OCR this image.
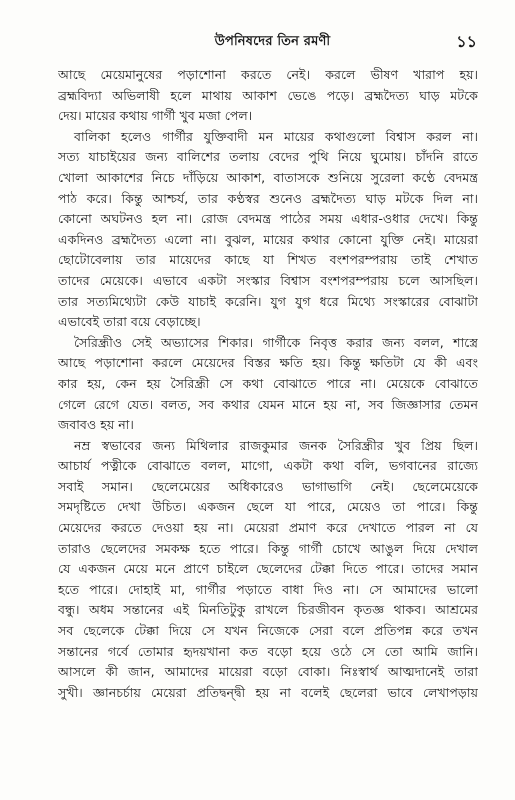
উপনিষদের তিন রমণী	১১
আছে মেয়েমানুষের পড়াশোনা করতে নেই। করলে ভীষণ খারাপ হয়।
ব্রহ্মবিদ্যা অভিলাষী হলে মাথায় আকাশ ভেঙে পড়ে। ব্রহ্মদৈত্য ঘাড় মটকে
দেয়। মায়ের কথায় গার্গী খুব মজা পেল।
বালিকা হলেও গার্গীর যুক্তিবাদী মন মায়ের কথাগুলো বিশ্বাস করল না।
সত্য যাচাইয়ের জন্য বালিশের তলায় বেদের পুথি নিয়ে ঘুমোয়। চাঁদনি রাতে
খোলা আকাশের নিচে দাঁড়িয়ে আকাশ, বাতাসকে শুনিয়ে সুরেলা কণ্ঠে বেদমন্ত্র
পাঠ করে। কিন্তু আশ্চর্য, তার কণ্ঠস্বর শুনেও ব্রহ্মদৈত্য ঘাড় মটকে দিল না।
কোনো অঘটনও হল না। রোজ বেদমন্ত্র পাঠের সময় এধার-ওধার দেখে। কিন্তু
একদিনও ব্রহ্মদৈত্য এলো না। বুঝল, মায়ের কথার কোনো যুক্তি নেই। মায়েরা
ছোটোবেলায় তার মায়েদের কাছে যা শিখত বংশপরম্পরায় তাই শেখাত
তাদের মেয়েকে। এভাবে একটা সংস্কার বিশ্বাস বংশপরম্পরায় চলে আসছিল।
তার সত্যমিথ্যেটা কেউ যাচাই করেনি। যুগ যুগ ধরে মিথ্যে সংস্কারের বোঝাটা
এভাবেই তারা বয়ে বেড়াচ্ছে।
সৈরিন্ধ্রীও সেই অভ্যাসের শিকার। গার্গীকে নিবৃত্ত করার জন্য বলল, শাস্ত্রে
আছে পড়াশোনা করলে মেয়েদের বিস্তর ক্ষতি হয়। কিন্তু ক্ষতিটা যে কী এবং
কার হয়, কেন হয় সৈরিন্ধ্রী সে কথা বোঝাতে পারে না। মেয়েকে বোঝাতে
গেলে রেগে যেত। বলত, সব কথার যেমন মানে হয় না, সব জিজ্ঞাসার তেমন
জবাবও হয় না।
নম্র স্বভাবের জন্য মিথিলার রাজকুমার জনক সৈরিন্ধ্রীর খুব প্রিয় ছিল।
আচার্য পত্নীকে বোঝাতে বলল, মাগো, একটা কথা বলি, ভগবানের রাজ্যে
সবাই সমান। ছেলেমেয়ের অধিকারেও ভাগাভাগি নেই। ছেলেমেয়েকে
সমদৃষ্টিতে দেখা উচিত। একজন ছেলে যা পারে, মেয়েও তা পারে। কিন্তু
মেয়েদের করতে দেওয়া হয় না। মেয়েরা প্রমাণ করে দেখাতে পারল না যে
তারাও ছেলেদের সমকক্ষ হতে পারে। কিন্তু গার্গী চোখে আঙুল দিয়ে দেখাল
যে একজন মেয়ে মনে প্রাণে চাইলে ছেলেদের টেক্কা দিতে পারে। তাদের সমান
হতে পারে। দোহাই মা, গার্গীর পড়াতে বাধা দিও না। সে আমাদের ভালো
বন্ধু। অধম সন্তানের এই মিনতিটুকু রাখলে চিরজীবন কৃতজ্ঞ থাকব। আশ্রমের
সব ছেলেকে টেক্কা দিয়ে সে যখন নিজেকে সেরা বলে প্রতিপন্ন করে তখন
সন্তানের গর্বে তোমার হৃদয়খানা কত বড়ো হয়ে ওঠে সে তো আমি জানি।
আসলে কী জান, আমাদের মায়েরা বড়ো বোকা। নিঃস্বার্থ আত্মদানেই তারা
সুখী। জ্ঞানচর্চায় মেয়েরা প্রতিদ্বন্দ্বী হয় না বলেই ছেলেরা ভাবে লেখাপড়ায়
